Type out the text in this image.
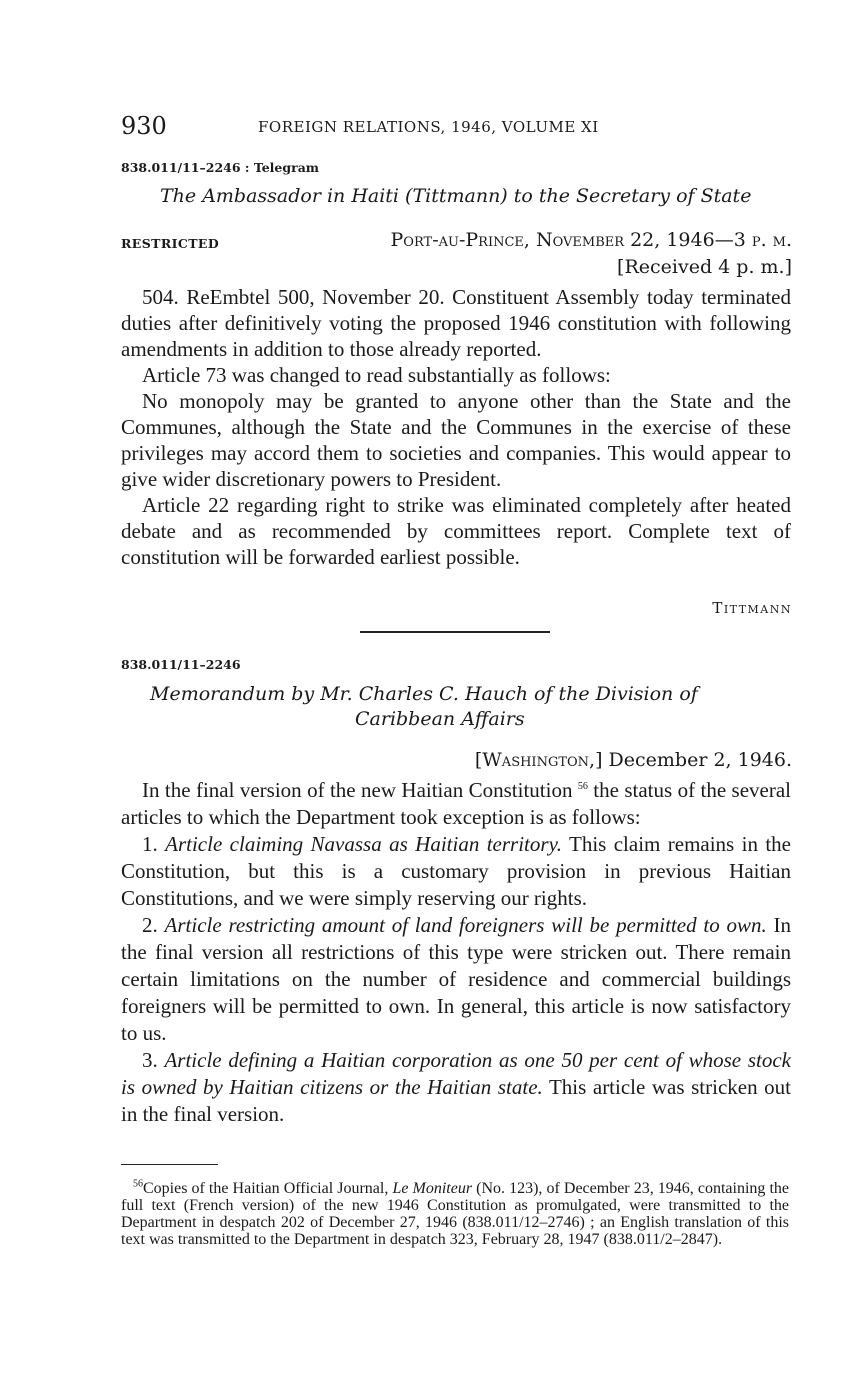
930	FOREIGN RELATIONS, 1946, VOLUME XI
838.011/11–2246 : Telegram
The Ambassador in Haiti (Tittmann) to the Secretary of State
RESTRICTED	Port-au-Prince, November 22, 1946—3 p. m.
[Received 4 p. m.]

504. ReEmbtel 500, November 20. Constituent Assembly today terminated duties after definitively voting the proposed 1946 constitution with following amendments in addition to those already reported.

Article 73 was changed to read substantially as follows:

No monopoly may be granted to anyone other than the State and the Communes, although the State and the Communes in the exercise of these privileges may accord them to societies and companies. This would appear to give wider discretionary powers to President.

Article 22 regarding right to strike was eliminated completely after heated debate and as recommended by committees report. Complete text of constitution will be forwarded earliest possible.

Tittmann
838.011/11–2246
Memorandum by Mr. Charles C. Hauch of the Division of
Caribbean Affairs
[Washington,] December 2, 1946.

In the final version of the new Haitian Constitution $^{56}$ the status of the several articles to which the Department took exception is as follows:

1. Article claiming Navassa as Haitian territory. This claim remains in the Constitution, but this is a customary provision in previous Haitian Constitutions, and we were simply reserving our rights.

2. Article restricting amount of land foreigners will be permitted to own. In the final version all restrictions of this type were stricken out. There remain certain limitations on the number of residence and commercial buildings foreigners will be permitted to own. In general, this article is now satisfactory to us.

3. Article defining a Haitian corporation as one 50 per cent of whose stock is owned by Haitian citizens or the Haitian state. This article was stricken out in the final version.

$^{56}$Copies of the Haitian Official Journal, Le Moniteur (No. 123), of December 23, 1946, containing the full text (French version) of the new 1946 Constitution as promulgated, were transmitted to the Department in despatch 202 of December 27, 1946 (838.011/12–2746) ; an English translation of this text was transmitted to the Department in despatch 323, February 28, 1947 (838.011/2–2847).
